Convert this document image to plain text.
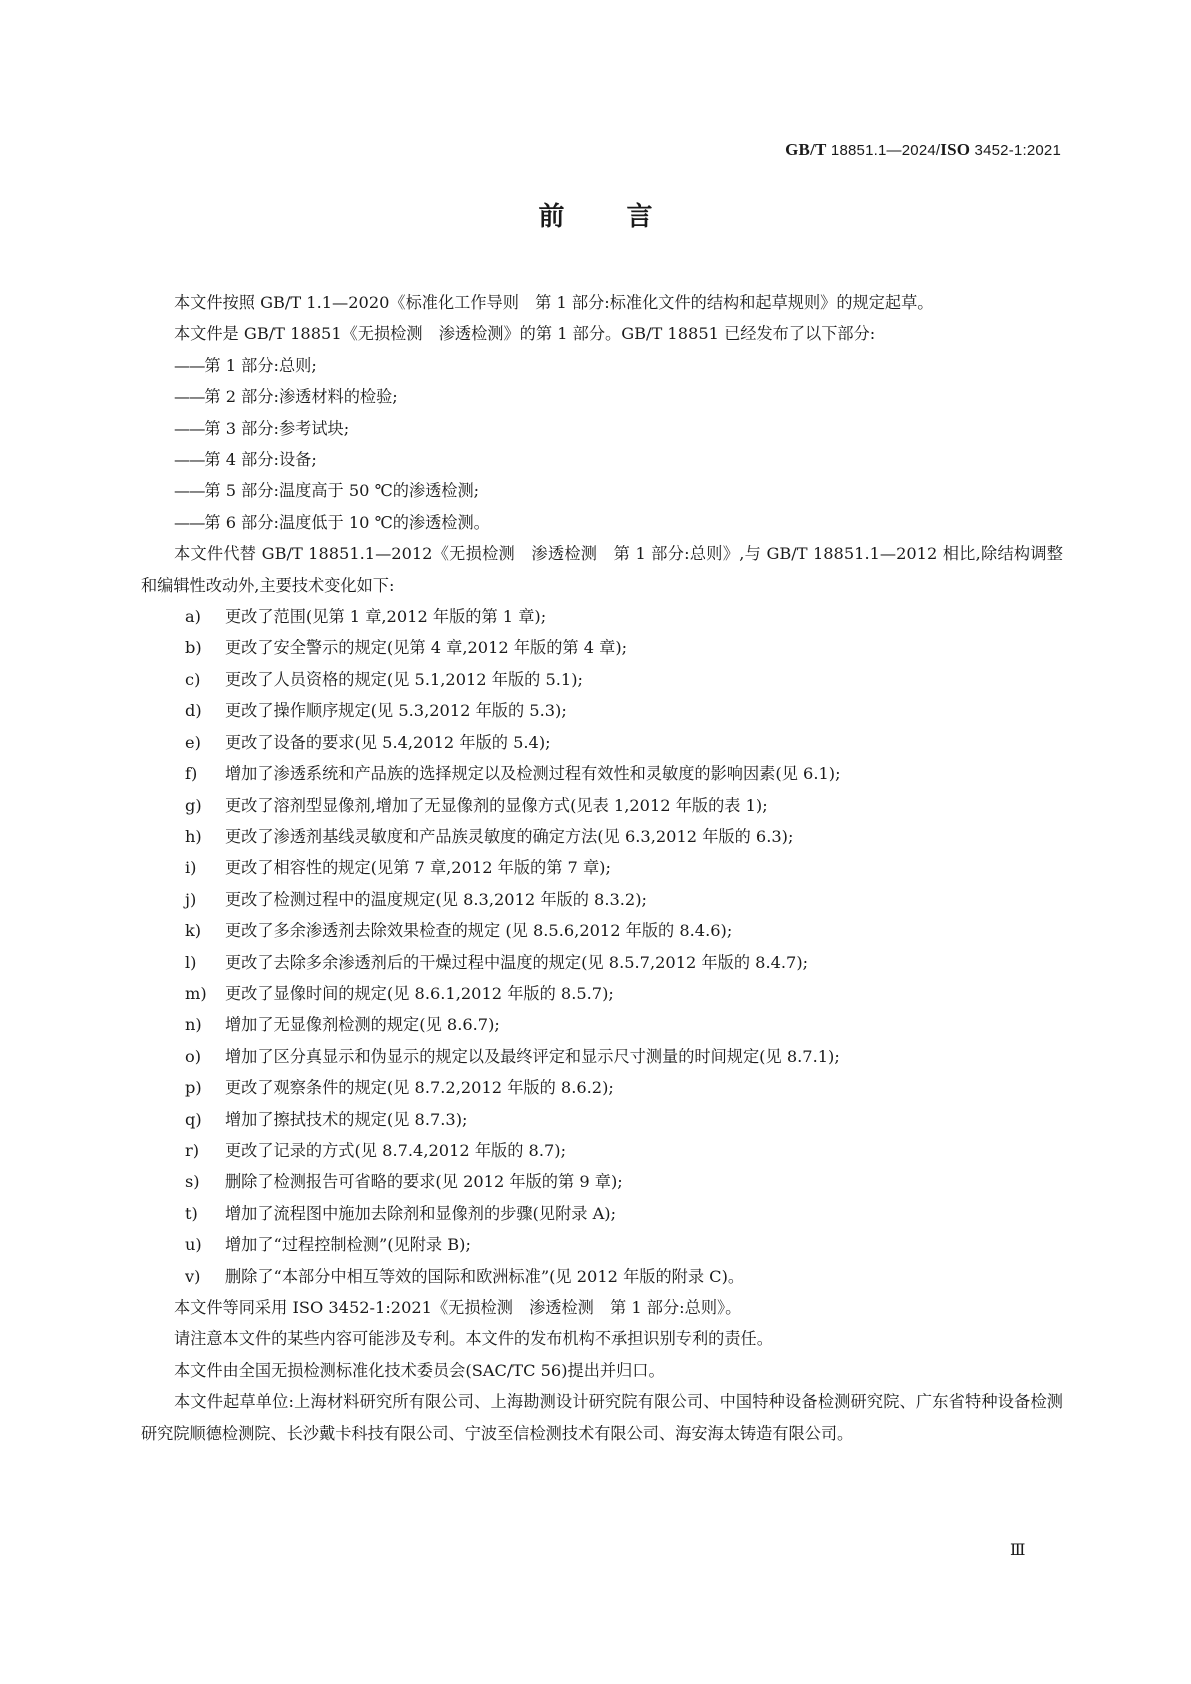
GB/T 18851.1—2024/ISO 3452-1:2021
前言

本文件按照 GB/T 1.1—2020《标准化工作导则　第 1 部分:标准化文件的结构和起草规则》的规定起草。

本文件是 GB/T 18851《无损检测　渗透检测》的第 1 部分。GB/T 18851 已经发布了以下部分:

——第 1 部分:总则;

——第 2 部分:渗透材料的检验;

——第 3 部分:参考试块;

——第 4 部分:设备;

——第 5 部分:温度高于 50 ℃的渗透检测;

——第 6 部分:温度低于 10 ℃的渗透检测。

本文件代替 GB/T 18851.1—2012《无损检测　渗透检测　第 1 部分:总则》,与 GB/T 18851.1—2012 相比,除结构调整和编辑性改动外,主要技术变化如下:

a) 更改了范围(见第 1 章,2012 年版的第 1 章);

b) 更改了安全警示的规定(见第 4 章,2012 年版的第 4 章);

c) 更改了人员资格的规定(见 5.1,2012 年版的 5.1);

d) 更改了操作顺序规定(见 5.3,2012 年版的 5.3);

e) 更改了设备的要求(见 5.4,2012 年版的 5.4);

f) 增加了渗透系统和产品族的选择规定以及检测过程有效性和灵敏度的影响因素(见 6.1);

g) 更改了溶剂型显像剂,增加了无显像剂的显像方式(见表 1,2012 年版的表 1);

h) 更改了渗透剂基线灵敏度和产品族灵敏度的确定方法(见 6.3,2012 年版的 6.3);

i) 更改了相容性的规定(见第 7 章,2012 年版的第 7 章);

j) 更改了检测过程中的温度规定(见 8.3,2012 年版的 8.3.2);

k) 更改了多余渗透剂去除效果检查的规定 (见 8.5.6,2012 年版的 8.4.6);

l) 更改了去除多余渗透剂后的干燥过程中温度的规定(见 8.5.7,2012 年版的 8.4.7);

m) 更改了显像时间的规定(见 8.6.1,2012 年版的 8.5.7);

n) 增加了无显像剂检测的规定(见 8.6.7);

o) 增加了区分真显示和伪显示的规定以及最终评定和显示尺寸测量的时间规定(见 8.7.1);

p) 更改了观察条件的规定(见 8.7.2,2012 年版的 8.6.2);

q) 增加了擦拭技术的规定(见 8.7.3);

r) 更改了记录的方式(见 8.7.4,2012 年版的 8.7);

s) 删除了检测报告可省略的要求(见 2012 年版的第 9 章);

t) 增加了流程图中施加去除剂和显像剂的步骤(见附录 A);

u) 增加了“过程控制检测”(见附录 B);

v) 删除了“本部分中相互等效的国际和欧洲标准”(见 2012 年版的附录 C)。

本文件等同采用 ISO 3452-1:2021《无损检测　渗透检测　第 1 部分:总则》。

请注意本文件的某些内容可能涉及专利。本文件的发布机构不承担识别专利的责任。

本文件由全国无损检测标准化技术委员会(SAC/TC 56)提出并归口。

本文件起草单位:上海材料研究所有限公司、上海勘测设计研究院有限公司、中国特种设备检测研究院、广东省特种设备检测研究院顺德检测院、长沙戴卡科技有限公司、宁波至信检测技术有限公司、海安海太铸造有限公司。

Ⅲ
